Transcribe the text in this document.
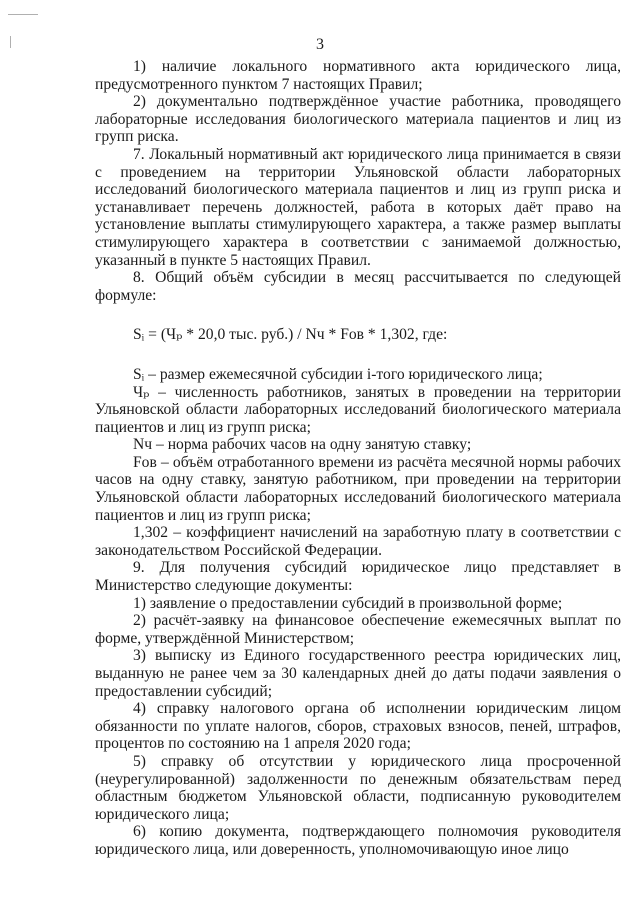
3

1) наличие локального нормативного акта юридического лица, предусмотренного пунктом 7 настоящих Правил;

2) документально подтверждённое участие работника, проводящего лабораторные исследования биологического материала пациентов и лиц из групп риска.

7. Локальный нормативный акт юридического лица принимается в связи с проведением на территории Ульяновской области лабораторных исследований биологического материала пациентов и лиц из групп риска и устанавливает перечень должностей, работа в которых даёт право на установление выплаты стимулирующего характера, а также размер выплаты стимулирующего характера в соответствии с занимаемой должностью, указанный в пункте 5 настоящих Правил.

8. Общий объём субсидии в месяц рассчитывается по следующей формуле:

Sᵢ = (Чₚ * 20,0 тыс. руб.) / Nч * Fов * 1,302, где:

Sᵢ – размер ежемесячной субсидии i-того юридического лица;

Чₚ – численность работников, занятых в проведении на территории Ульяновской области лабораторных исследований биологического материала пациентов и лиц из групп риска;

Nч – норма рабочих часов на одну занятую ставку;

Fов – объём отработанного времени из расчёта месячной нормы рабочих часов на одну ставку, занятую работником, при проведении на территории Ульяновской области лабораторных исследований биологического материала пациентов и лиц из групп риска;

1,302 – коэффициент начислений на заработную плату в соответствии с законодательством Российской Федерации.

9. Для получения субсидий юридическое лицо представляет в Министерство следующие документы:

1) заявление о предоставлении субсидий в произвольной форме;

2) расчёт-заявку на финансовое обеспечение ежемесячных выплат по форме, утверждённой Министерством;

3) выписку из Единого государственного реестра юридических лиц, выданную не ранее чем за 30 календарных дней до даты подачи заявления о предоставлении субсидий;

4) справку налогового органа об исполнении юридическим лицом обязанности по уплате налогов, сборов, страховых взносов, пеней, штрафов, процентов по состоянию на 1 апреля 2020 года;

5) справку об отсутствии у юридического лица просроченной (неурегулированной) задолженности по денежным обязательствам перед областным бюджетом Ульяновской области, подписанную руководителем юридического лица;

6) копию документа, подтверждающего полномочия руководителя юридического лица, или доверенность, уполномочивающую иное лицо
